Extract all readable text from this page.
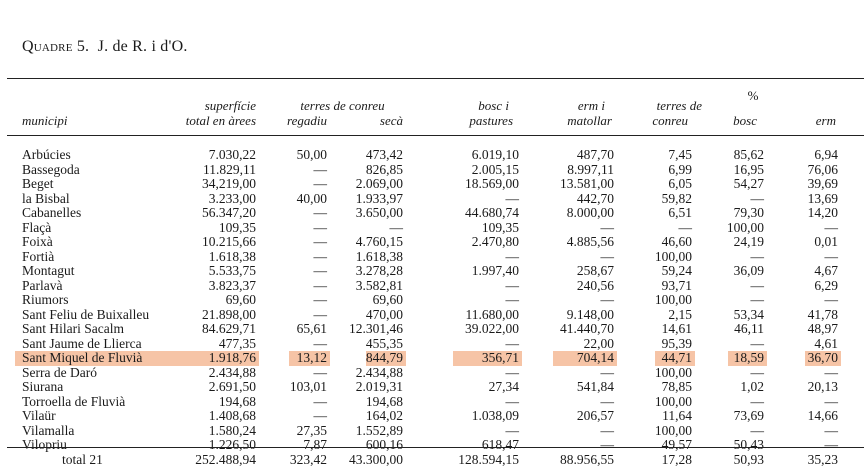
Quadre 5. J. de R. i d'O.
%
superfície	terres de conreu	bosc i	erm i	terres de
municipi	total en àrees	regadiu	secà	pastures	matollar	conreu	bosc	erm
Arbúcies	7.030,22	50,00	473,42	6.019,10	487,70	7,45	85,62	6,94
Bassegoda	11.829,11	—	826,85	2.005,15	8.997,11	6,99	16,95	76,06
Beget	34,219,00	— 2.069,00	18.569,00	13.581,00	6,05	54,27	39,69
la Bisbal	3.233,00	40,00 1.933,97	—	442,70	59,82	—	13,69
Cabanelles	56.347,20	— 3.650,00	44.680,74	8.000,00	6,51	79,30	14,20
Flaçà	109,35	—	—	109,35	—	—	100,00	—
Foixà	10.215,66	— 4.760,15	2.470,80	4.885,56	46,60	24,19	0,01
Fortià	1.618,38	— 1.618,38	—	—	100,00	—	—
Montagut	5.533,75	— 3.278,28	1.997,40	258,67	59,24	36,09	4,67
Parlavà	3.823,37	— 3.582,81	—	240,56	93,71	—	6,29
Riumors	69,60	—	69,60	—	—	100,00	—	—
Sant Feliu de Buixalleu	21.898,00	—	470,00	11.680,00	9.148,00	2,15	53,34	41,78
Sant Hilari Sacalm	84.629,71	65,61 12.301,46	39.022,00	41.440,70	14,61	46,11	48,97
Sant Jaume de Llierca	477,35	—	455,35	—	22,00	95,39	—	4,61
Sant Miquel de Fluvià	1.918,76	13,12	844,79	356,71	704,14	44,71	18,59	36,70
Serra de Daró	2.434,88	— 2.434,88	—	—	100,00	—	—
Siurana	2.691,50	103,01 2.019,31	27,34	541,84	78,85	1,02	20,13
Torroella de Fluvià	194,68	—	194,68	—	—	100,00	—	—
Vilaür	1.408,68	—	164,02	1.038,09	206,57	11,64	73,69	14,66
Vilamalla	1.580,24	27,35 1.552,89	—	—	100,00	—	—
Vilopriu	1.226,50	7,87	600,16	618,47	—	49,57	50,43	—
total 21	252.488,94	323,42 43.300,00	128.594,15	88.956,55	17,28	50,93	35,23
